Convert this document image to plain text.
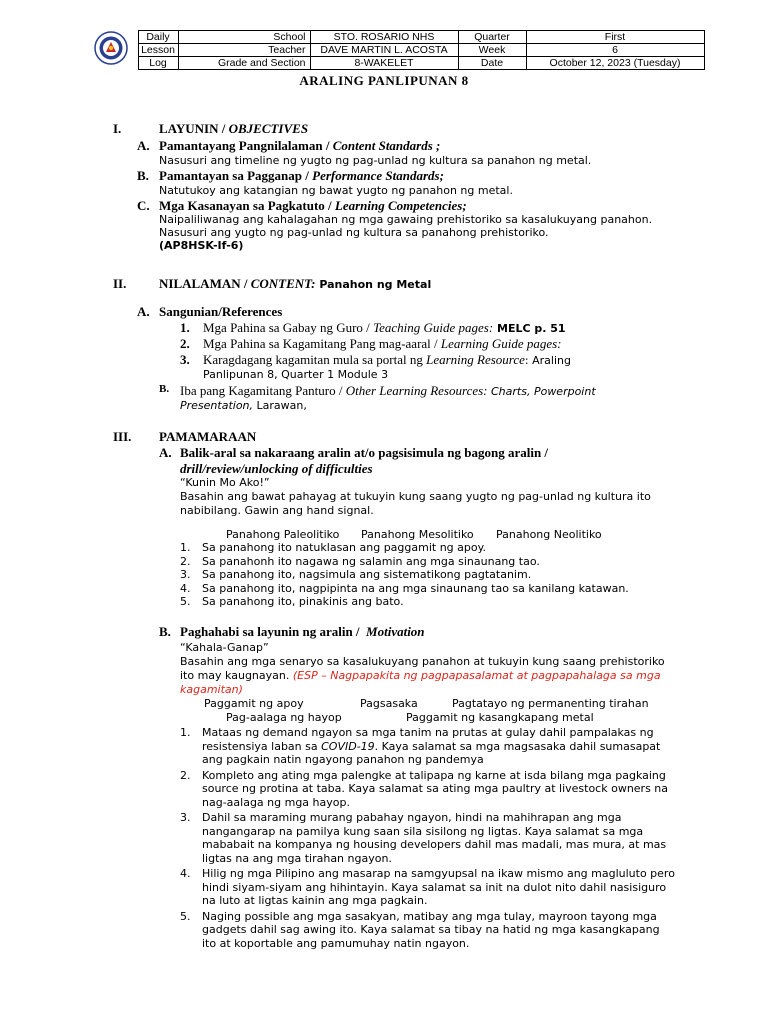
	Daily	School	STO. ROSARIO NHS	Quarter	First
	Lesson	Teacher	DAVE MARTIN L. ACOSTA	Week	6
	Log	Grade and Section	8-WAKELET	Date	October 12, 2023 (Tuesday)
ARALING PANLIPUNAN 8
I.	LAYUNIN / OBJECTIVES
A. Pamantayang Pangnilalaman / Content Standards ;
Nasusuri ang timeline ng yugto ng pag-unlad ng kultura sa panahon ng metal.
B. Pamantayan sa Pagganap / Performance Standards;
Natutukoy ang katangian ng bawat yugto ng panahon ng metal.
C. Mga Kasanayan sa Pagkatuto / Learning Competencies;
Naipaliliwanag ang kahalagahan ng mga gawaing prehistoriko sa kasalukuyang panahon.
Nasusuri ang yugto ng pag-unlad ng kultura sa panahong prehistoriko.
(AP8HSK-If-6)
II.	NILALAMAN / CONTENT: Panahon ng Metal
A. Sangunian/References
1. Mga Pahina sa Gabay ng Guro / Teaching Guide pages: MELC p. 51
2. Mga Pahina sa Kagamitang Pang mag-aaral / Learning Guide pages:
3. Karagdagang kagamitan mula sa portal ng Learning Resource: Araling
Panlipunan 8, Quarter 1 Module 3
B. Iba pang Kagamitang Panturo / Other Learning Resources: Charts, Powerpoint
Presentation, Larawan,
III. PAMAMARAAN
A. Balik-aral sa nakaraang aralin at/o pagsisimula ng bagong aralin /
drill/review/unlocking of difficulties
“Kunin Mo Ako!”
Basahin ang bawat pahayag at tukuyin kung saang yugto ng pag-unlad ng kultura ito
nabibilang. Gawin ang hand signal.
Panahong Paleolitiko Panahong Mesolitiko Panahong Neolitiko
1. Sa panahong ito natuklasan ang paggamit ng apoy.
2. Sa panahonh ito nagawa ng salamin ang mga sinaunang tao.
3. Sa panahong ito, nagsimula ang sistematikong pagtatanim.
4. Sa panahong ito, nagpipinta na ang mga sinaunang tao sa kanilang katawan.
5. Sa panahong ito, pinakinis ang bato.
B. Paghahabi sa layunin ng aralin /  Motivation
“Kahala-Ganap”
Basahin ang mga senaryo sa kasalukuyang panahon at tukuyin kung saang prehistoriko
ito may kaugnayan. (ESP – Nagpapakita ng pagpapasalamat at pagpapahalaga sa mga
kagamitan)
Paggamit ng apoy	Pagsasaka	Pagtatayo ng permanenting tirahan
Pag-aalaga ng hayop	Paggamit ng kasangkapang metal
1. Mataas ng demand ngayon sa mga tanim na prutas at gulay dahil pampalakas ng
resistensiya laban sa COVID-19. Kaya salamat sa mga magsasaka dahil sumasapat
ang pagkain natin ngayong panahon ng pandemya
2. Kompleto ang ating mga palengke at talipapa ng karne at isda bilang mga pagkaing
source ng protina at taba. Kaya salamat sa ating mga paultry at livestock owners na
nag-aalaga ng mga hayop.
3. Dahil sa maraming murang pabahay ngayon, hindi na mahihrapan ang mga
nangangarap na pamilya kung saan sila sisilong ng ligtas. Kaya salamat sa mga
mababait na kompanya ng housing developers dahil mas madali, mas mura, at mas
ligtas na ang mga tirahan ngayon.
4. Hilig ng mga Pilipino ang masarap na samgyupsal na ikaw mismo ang magluluto pero
hindi siyam-siyam ang hihintayin. Kaya salamat sa init na dulot nito dahil nasisiguro
na luto at ligtas kainin ang mga pagkain.
5. Naging possible ang mga sasakyan, matibay ang mga tulay, mayroon tayong mga
gadgets dahil sag awing ito. Kaya salamat sa tibay na hatid ng mga kasangkapang
ito at koportable ang pamumuhay natin ngayon.
